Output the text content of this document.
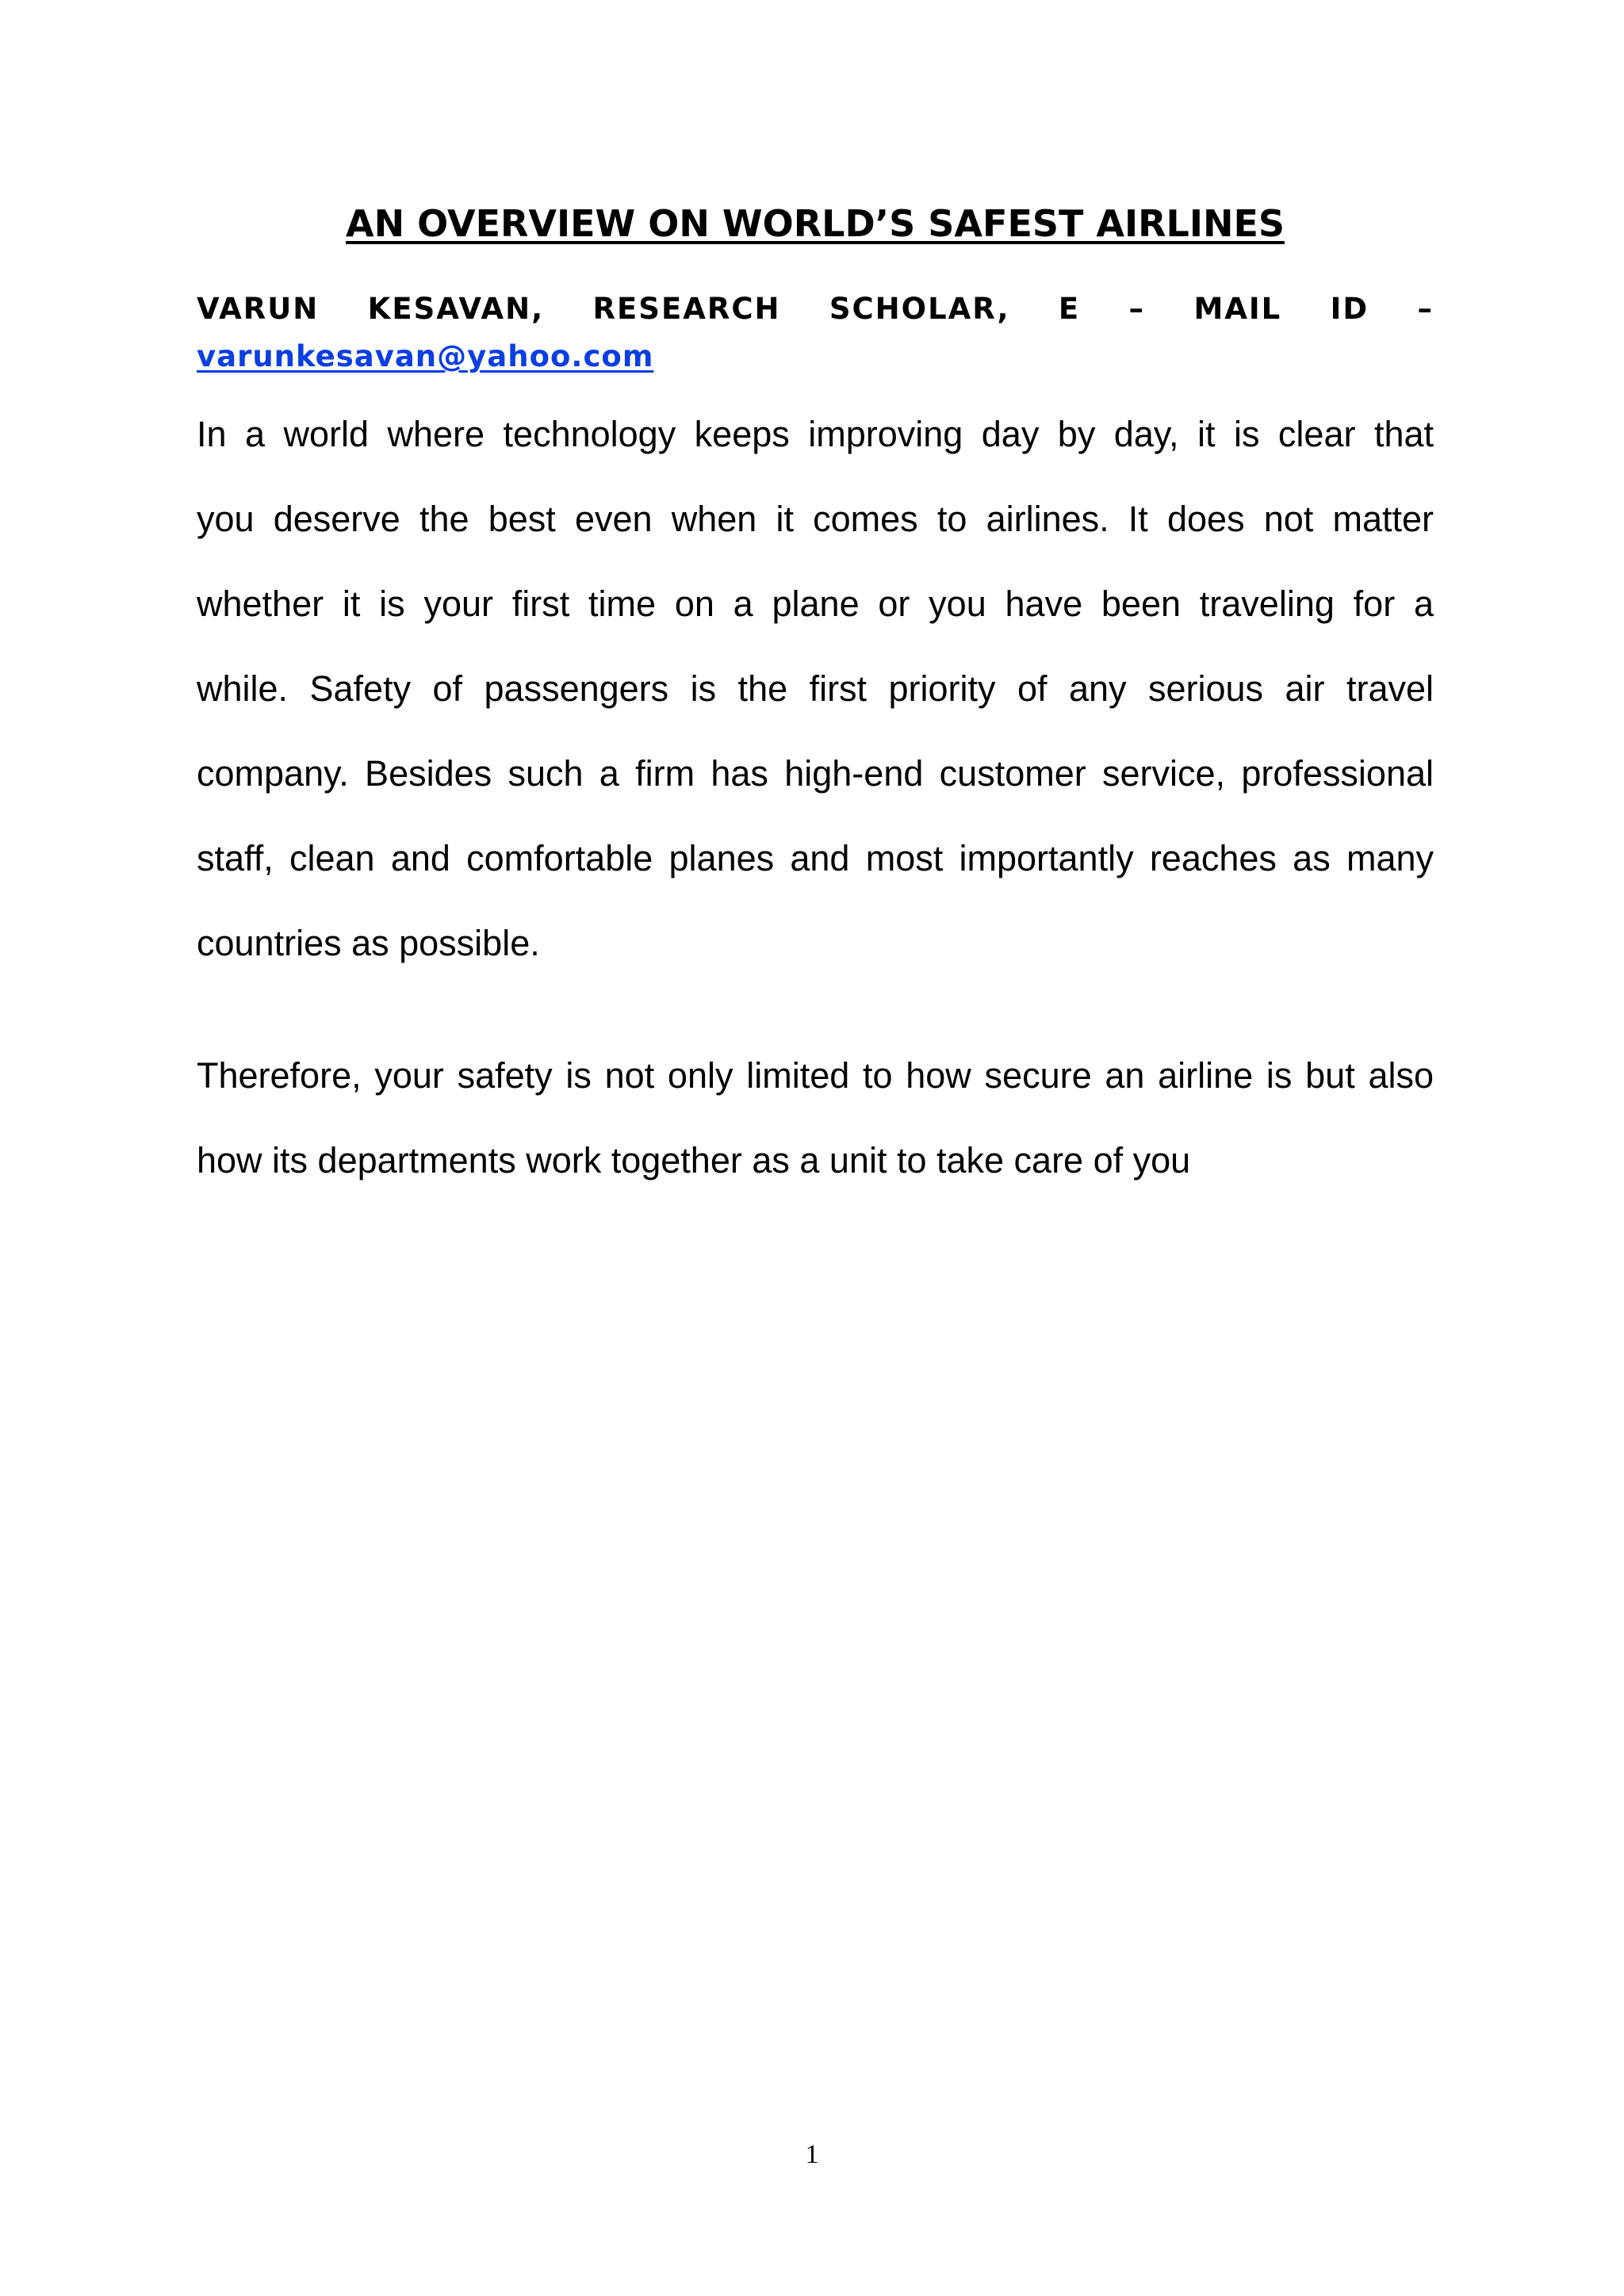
AN OVERVIEW ON WORLD’S SAFEST AIRLINES
VARUN KESAVAN, RESEARCH SCHOLAR, E – MAIL ID –
varunkesavan@yahoo.com
In a world where technology keeps improving day by day, it is clear that
you deserve the best even when it comes to airlines. It does not matter
whether it is your first time on a plane or you have been traveling for a
while. Safety of passengers is the first priority of any serious air travel
company. Besides such a firm has high-end customer service, professional
staff, clean and comfortable planes and most importantly reaches as many
countries as possible.
Therefore, your safety is not only limited to how secure an airline is but also
how its departments work together as a unit to take care of you
1
